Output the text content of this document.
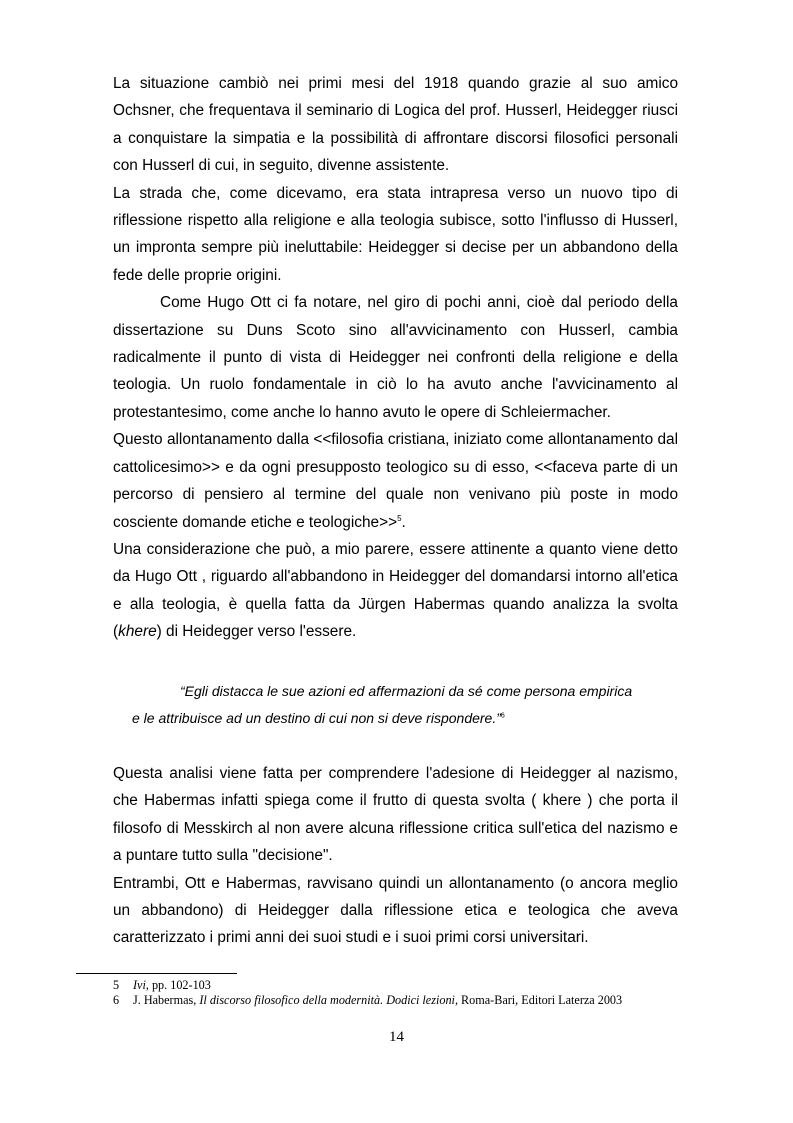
La situazione cambiò nei primi mesi del 1918 quando grazie al suo amico Ochsner, che frequentava il seminario di Logica del prof. Husserl, Heidegger riusci a conquistare la simpatia e la possibilità di affrontare discorsi filosofici personali con Husserl di cui, in seguito, divenne assistente.

La strada che, come dicevamo, era stata intrapresa verso un nuovo tipo di riflessione rispetto alla religione e alla teologia subisce, sotto l'influsso di Husserl, un impronta sempre più ineluttabile: Heidegger si decise per un abbandono della fede delle proprie origini.

Come Hugo Ott ci fa notare, nel giro di pochi anni, cioè dal periodo della dissertazione su Duns Scoto sino all'avvicinamento con Husserl, cambia radicalmente il punto di vista di Heidegger nei confronti della religione e della teologia. Un ruolo fondamentale in ciò lo ha avuto anche l'avvicinamento al protestantesimo, come anche lo hanno avuto le opere di Schleiermacher.

Questo allontanamento dalla <<filosofia cristiana, iniziato come allontanamento dal cattolicesimo>> e da ogni presupposto teologico su di esso, <<faceva parte di un percorso di pensiero al termine del quale non venivano più poste in modo cosciente domande etiche e teologiche>>$^5$.

Una considerazione che può, a mio parere, essere attinente a quanto viene detto da Hugo Ott , riguardo all'abbandono in Heidegger del domandarsi intorno all'etica e alla teologia, è quella fatta da Jürgen Habermas quando analizza la svolta (khere) di Heidegger verso l'essere.

“Egli distacca le sue azioni ed affermazioni da sé come persona empirica

e le attribuisce ad un destino di cui non si deve rispondere.”$^6$

Questa analisi viene fatta per comprendere l'adesione di Heidegger al nazismo, che Habermas infatti spiega come il frutto di questa svolta ( khere ) che porta il filosofo di Messkirch al non avere alcuna riflessione critica sull'etica del nazismo e a puntare tutto sulla "decisione".

Entrambi, Ott e Habermas, ravvisano quindi un allontanamento (o ancora meglio un abbandono) di Heidegger dalla riflessione etica e teologica che aveva caratterizzato i primi anni dei suoi studi e i suoi primi corsi universitari.

5 Ivi, pp. 102-103

6 J. Habermas, Il discorso filosofico della modernità. Dodici lezioni, Roma-Bari, Editori Laterza 2003

14
